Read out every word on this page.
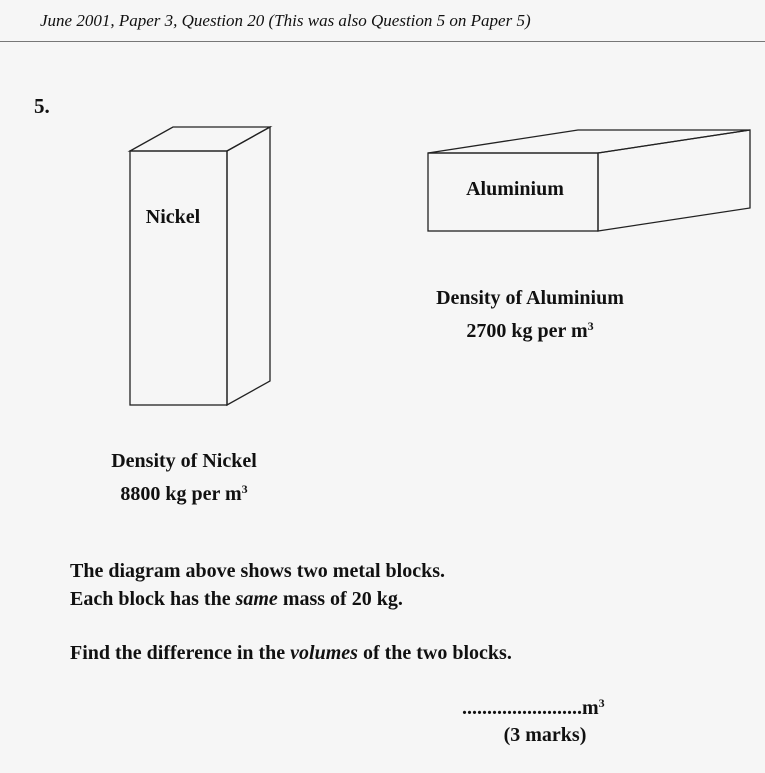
June 2001, Paper 3, Question 20 (This was also Question 5 on Paper 5)
5.
Nickel
Aluminium
Density of Aluminium
2700 kg per $m^3$
Density of Nickel
8800 kg per $m^3$
The diagram above shows two metal blocks.
Each block has the same mass of 20 kg.
Find the difference in the volumes of the two blocks.
$........................m^3$
(3 marks)
